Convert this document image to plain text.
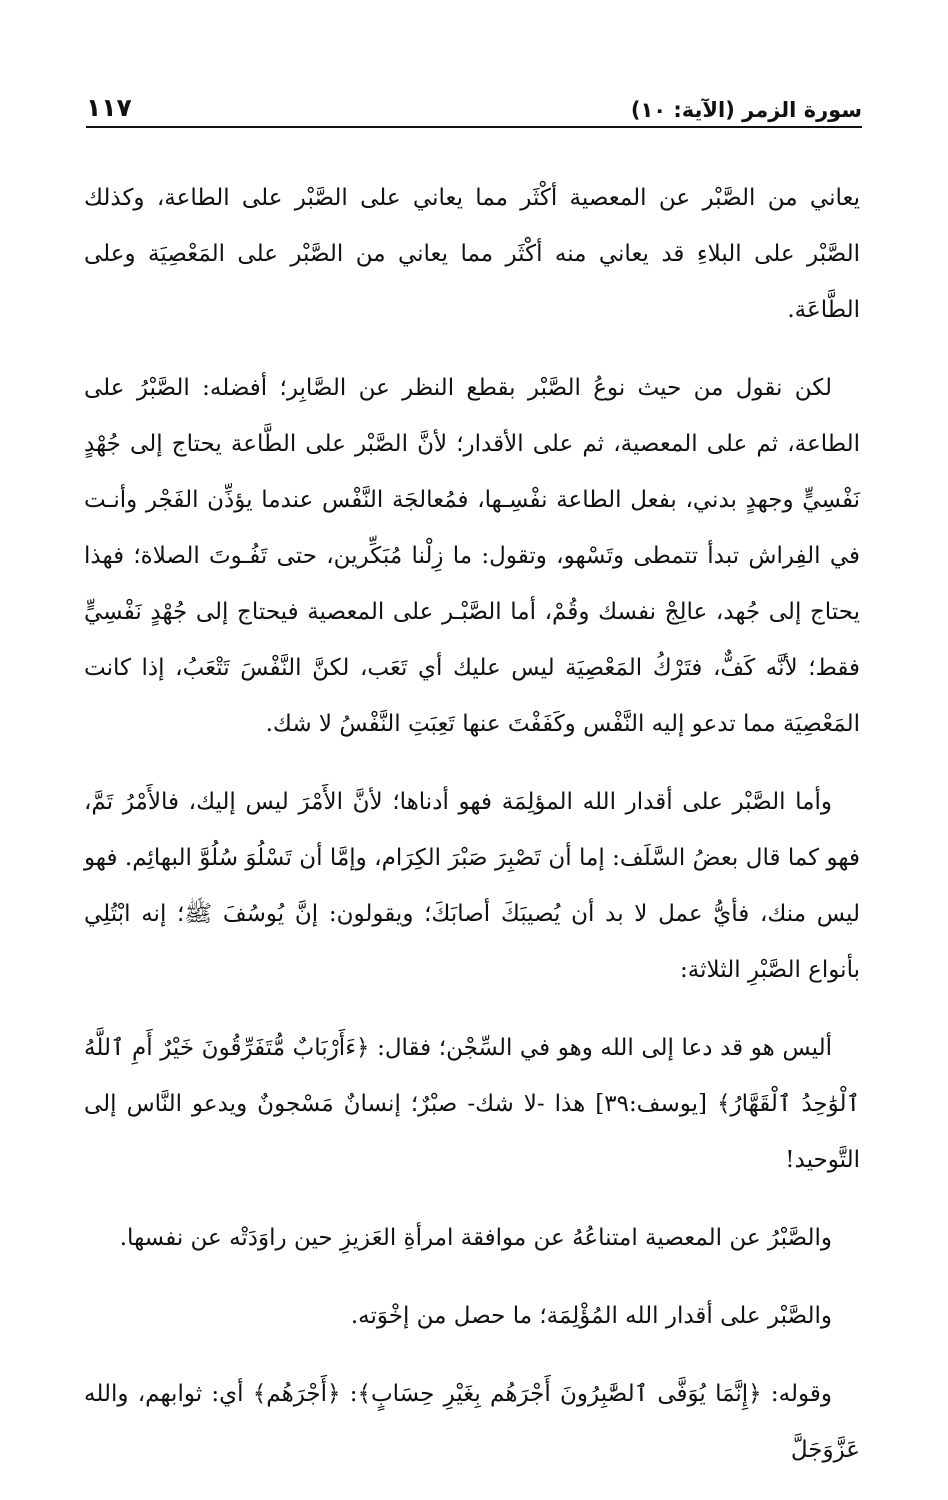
١١٧	سورة الزمر (الآية: ١٠)

يعاني من الصَّبْر عن المعصية أكْثَر مما يعاني على الصَّبْر على الطاعة، وكذلك الصَّبْر على البلاءِ قد يعاني منه أكْثَر مما يعاني من الصَّبْر على المَعْصِيَة وعلى الطَّاعَة.

لكن نقول من حيث نوعُ الصَّبْر بقطع النظر عن الصَّابِر؛ أفضله: الصَّبْرُ على الطاعة، ثم على المعصية، ثم على الأقدار؛ لأنَّ الصَّبْر على الطَّاعة يحتاج إلى جُهْدٍ نَفْسِيٍّ وجهدٍ بدني، بفعل الطاعة نفْسِـها، فمُعالجَة النَّفْس عندما يؤذِّن الفَجْر وأنـت في الفِراش تبدأ تتمطى وتَسْهو، وتقول: ما زِلْنا مُبَكِّرين، حتى تَفُـوتَ الصلاة؛ فهذا يحتاج إلى جُهد، عالِجْ نفسك وقُمْ، أما الصَّبْـر على المعصية فيحتاج إلى جُهْدٍ نَفْسِيٍّ فقط؛ لأنَّه كَفٌّ، فتَرْكُ المَعْصِيَة ليس عليك أي تَعَب، لكنَّ النَّفْسَ تَتْعَبُ، إذا كانت المَعْصِيَة مما تدعو إليه النَّفْس وكَفَفْتَ عنها تَعِبَتِ النَّفْسُ لا شك.

وأما الصَّبْر على أقدار الله المؤلِمَة فهو أدناها؛ لأنَّ الأَمْرَ ليس إليك، فالأَمْرُ تَمَّ، فهو كما قال بعضُ السَّلَف: إما أن تَصْبِرَ صَبْرَ الكِرَام، وإمَّا أن تَسْلُوَ سُلُوَّ البهائِم. فهو ليس منك، فأيُّ عمل لا بد أن يُصيبَكَ أصابَكَ؛ ويقولون: إنَّ يُوسُفَ ﷺ؛ إنه ابْتُلِي بأنواع الصَّبْرِ الثلاثة:

أليس هو قد دعا إلى الله وهو في السِّجْن؛ فقال: ﴿ءَأَرْبَابٌ مُّتَفَرِّقُونَ خَيْرٌ أَمِ ٱللَّهُ ٱلْوَٰحِدُ ٱلْقَهَّارُ﴾ [يوسف:٣٩] هذا -لا شك- صبْرٌ؛ إنسانٌ مَسْجونٌ ويدعو النَّاس إلى التَّوحيد!

والصَّبْرُ عن المعصية امتناعُهُ عن موافقة امرأةِ العَزيزِ حين راوَدَتْه عن نفسها.

والصَّبْر على أقدار الله المُؤْلِمَة؛ ما حصل من إخْوَته.

وقوله: ﴿إِنَّمَا يُوَفَّى ٱلصَّٰبِرُونَ أَجْرَهُم بِغَيْرِ حِسَابٍ﴾: ﴿أَجْرَهُم﴾ أي: ثوابهم، والله عَزَّوَجَلَّ
